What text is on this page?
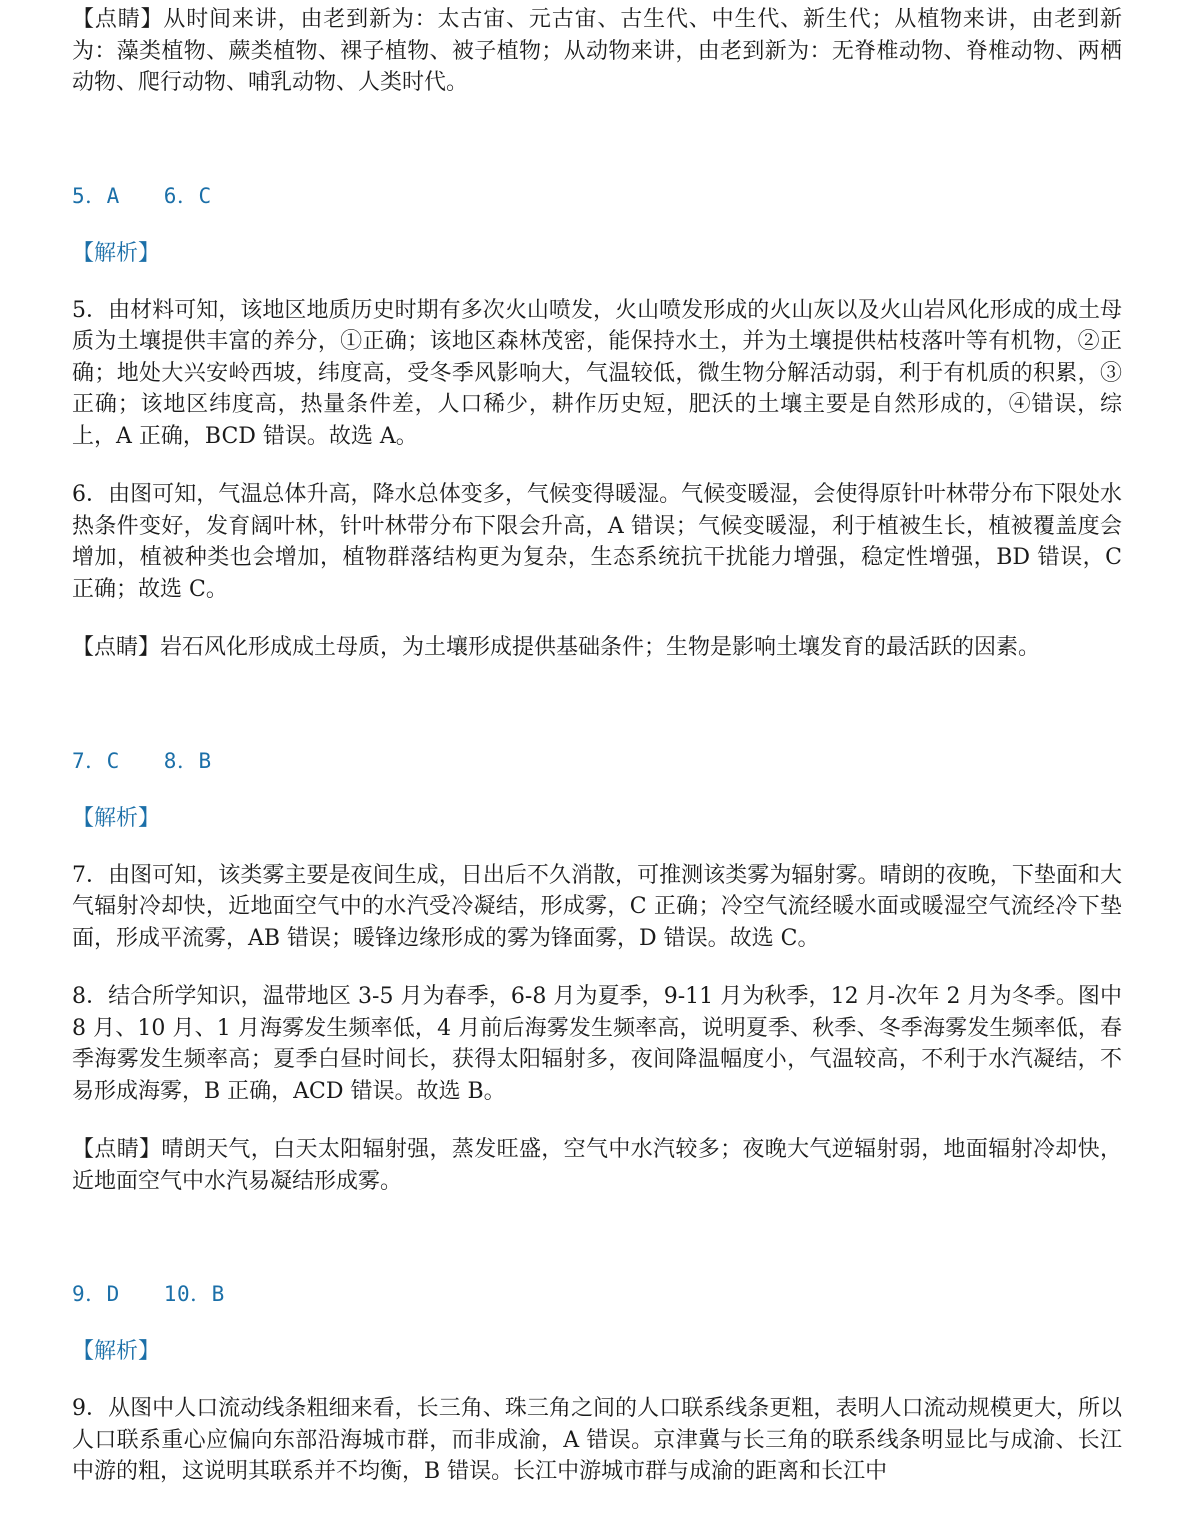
【点睛】从时间来讲，由老到新为：太古宙、元古宙、古生代、中生代、新生代；从植物来讲，由老到新为：藻类植物、蕨类植物、裸子植物、被子植物；从动物来讲，由老到新为：无脊椎动物、脊椎动物、两栖动物、爬行动物、哺乳动物、人类时代。

5．A 6．C

【解析】

5．由材料可知，该地区地质历史时期有多次火山喷发，火山喷发形成的火山灰以及火山岩风化形成的成土母质为土壤提供丰富的养分，①正确；该地区森林茂密，能保持水土，并为土壤提供枯枝落叶等有机物，②正确；地处大兴安岭西坡，纬度高，受冬季风影响大，气温较低，微生物分解活动弱，利于有机质的积累，③正确；该地区纬度高，热量条件差，人口稀少，耕作历史短，肥沃的土壤主要是自然形成的，④错误，综上，A 正确，BCD 错误。故选 A。

6．由图可知，气温总体升高，降水总体变多，气候变得暖湿。气候变暖湿，会使得原针叶林带分布下限处水热条件变好，发育阔叶林，针叶林带分布下限会升高，A 错误；气候变暖湿，利于植被生长，植被覆盖度会增加，植被种类也会增加，植物群落结构更为复杂，生态系统抗干扰能力增强，稳定性增强，BD 错误，C 正确；故选 C。

【点睛】岩石风化形成成土母质，为土壤形成提供基础条件；生物是影响土壤发育的最活跃的因素。

7．C 8．B

【解析】

7．由图可知，该类雾主要是夜间生成，日出后不久消散，可推测该类雾为辐射雾。晴朗的夜晚，下垫面和大气辐射冷却快，近地面空气中的水汽受冷凝结，形成雾，C 正确；冷空气流经暖水面或暖湿空气流经冷下垫面，形成平流雾，AB 错误；暖锋边缘形成的雾为锋面雾，D 错误。故选 C。

8．结合所学知识，温带地区 3-5 月为春季，6-8 月为夏季，9-11 月为秋季，12 月-次年 2 月为冬季。图中 8 月、10 月、1 月海雾发生频率低，4 月前后海雾发生频率高，说明夏季、秋季、冬季海雾发生频率低，春季海雾发生频率高；夏季白昼时间长，获得太阳辐射多，夜间降温幅度小，气温较高，不利于水汽凝结，不易形成海雾，B 正确，ACD 错误。故选 B。

【点睛】晴朗天气，白天太阳辐射强，蒸发旺盛，空气中水汽较多；夜晚大气逆辐射弱，地面辐射冷却快，近地面空气中水汽易凝结形成雾。

9．D 10．B

【解析】

9．从图中人口流动线条粗细来看，长三角、珠三角之间的人口联系线条更粗，表明人口流动规模更大，所以人口联系重心应偏向东部沿海城市群，而非成渝，A 错误。京津冀与长三角的联系线条明显比与成渝、长江中游的粗，这说明其联系并不均衡，B 错误。长江中游城市群与成渝的距离和长江中
